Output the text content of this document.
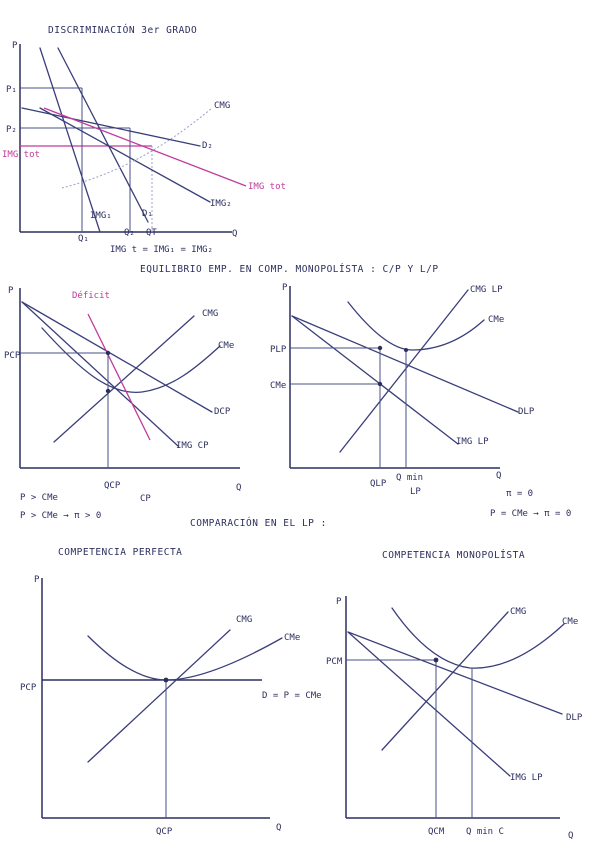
DISCRIMINACIÓN 3er GRADO
P
Q
P₁
P₂
IMG tot
CMG
D₂
D₁
IMG₁
IMG₂
IMG tot
Q₁
Q₂ QT
IMG t = IMG₁ = IMG₂
EQUILIBRIO EMP. EN COMP. MONOPOLÍSTA : C/P Y L/P
P
Q
Déficit
CMG
CMe
PCP
DCP
IMG CP
QCP
CP
P > CMe
P > CMe → π > 0
P
Q
CMG LP
CMe
PLP
CMe
DLP
IMG LP
QLP
Q min
LP	π = 0
P = CMe → π = 0
COMPARACIÓN EN EL LP :
COMPETENCIA PERFECTA
P
Q
CMG
CMe
PCP
D = P = CMe
QCP
COMPETENCIA MONOPOLÍSTA
P
Q
CMG
CMe
PCM
DLP
IMG LP
QCM Q min C
